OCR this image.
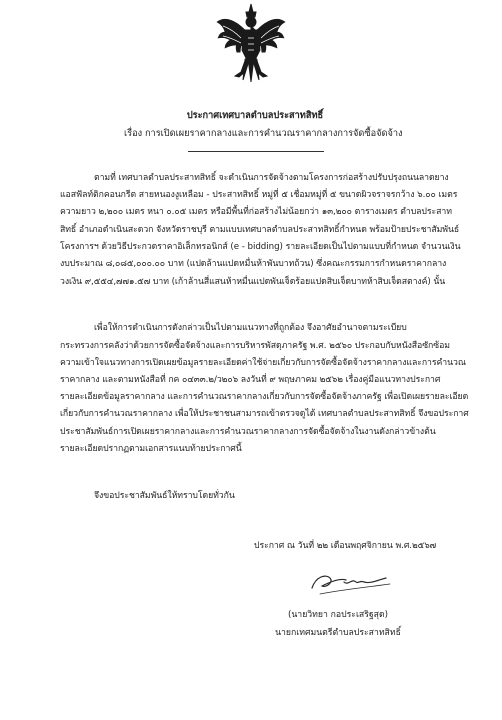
ประกาศเทศบาลตำบลประสาทสิทธิ์
เรื่อง การเปิดเผยราคากลางและการคำนวณราคากลางการจัดซื้อจัดจ้าง
ตามที่ เทศบาลตำบลประสาทสิทธิ์ จะดำเนินการจัดจ้างตามโครงการก่อสร้างปรับปรุงถนนลาดยาง
แอสฟัลท์ติกคอนกรีต สายหนองงูเหลือม - ประสาทสิทธิ์ หมู่ที่ ๕ เชื่อมหมู่ที่ ๕ ขนาดผิวจราจรกว้าง ๖.๐๐ เมตร
ความยาว ๒,๒๐๐ เมตร หนา ๐.๐๕ เมตร หรือมีพื้นที่ก่อสร้างไม่น้อยกว่า ๑๓,๒๐๐ ตารางเมตร ตำบลประสาท
สิทธิ์ อำเภอดำเนินสะดวก จังหวัดราชบุรี ตามแบบเทศบาลตำบลประสาทสิทธิ์กำหนด พร้อมป้ายประชาสัมพันธ์
โครงการฯ ด้วยวิธีประกวดราคาอิเล็กทรอนิกส์ (e - bidding) รายละเอียดเป็นไปตามแบบที่กำหนด จำนวนเงิน
งบประมาณ ๘,๐๘๕,๐๐๐.๐๐ บาท (แปดล้านแปดหมื่นห้าพันบาทถ้วน) ซึ่งคณะกรรมการกำหนดราคากลาง
วงเงิน ๙,๕๕๔,๗๗๑.๕๗ บาท (เก้าล้านสี่แสนห้าหมื่นแปดพันเจ็ดร้อยแปดสิบเจ็ดบาทห้าสิบเจ็ดสตางค์) นั้น
เพื่อให้การดำเนินการดังกล่าวเป็นไปตามแนวทางที่ถูกต้อง จึงอาศัยอำนาจตามระเบียบ
กระทรวงการคลังว่าด้วยการจัดซื้อจัดจ้างและการบริหารพัสดุภาครัฐ พ.ศ. ๒๕๖๐ ประกอบกับหนังสือซักซ้อม
ความเข้าใจแนวทางการเปิดเผยข้อมูลรายละเอียดค่าใช้จ่ายเกี่ยวกับการจัดซื้อจัดจ้างราคากลางและการคำนวณ
ราคากลาง และตามหนังสือที่ กค ๐๔๓๓.๒/ว๒๐๖ ลงวันที่ ๙ พฤษภาคม ๒๕๖๒ เรื่องคู่มือแนวทางประกาศ
รายละเอียดข้อมูลราคากลาง และการคำนวณราคากลางเกี่ยวกับการจัดซื้อจัดจ้างภาครัฐ เพื่อเปิดเผยรายละเอียด
เกี่ยวกับการคำนวณราคากลาง เพื่อให้ประชาชนสามารถเข้าตรวจดูได้ เทศบาลตำบลประสาทสิทธิ์ จึงขอประกาศ
ประชาสัมพันธ์การเปิดเผยราคากลางและการคำนวณราคากลางการจัดซื้อจัดจ้างในงานดังกล่าวข้างต้น
รายละเอียดปรากฏตามเอกสารแนบท้ายประกาศนี้
จึงขอประชาสัมพันธ์ให้ทราบโดยทั่วกัน
ประกาศ ณ วันที่ ๒๒ เดือนพฤศจิกายน พ.ศ.๒๕๖๗
(นายวิทยา กอประเสริฐสุด)
นายกเทศมนตรีตำบลประสาทสิทธิ์
